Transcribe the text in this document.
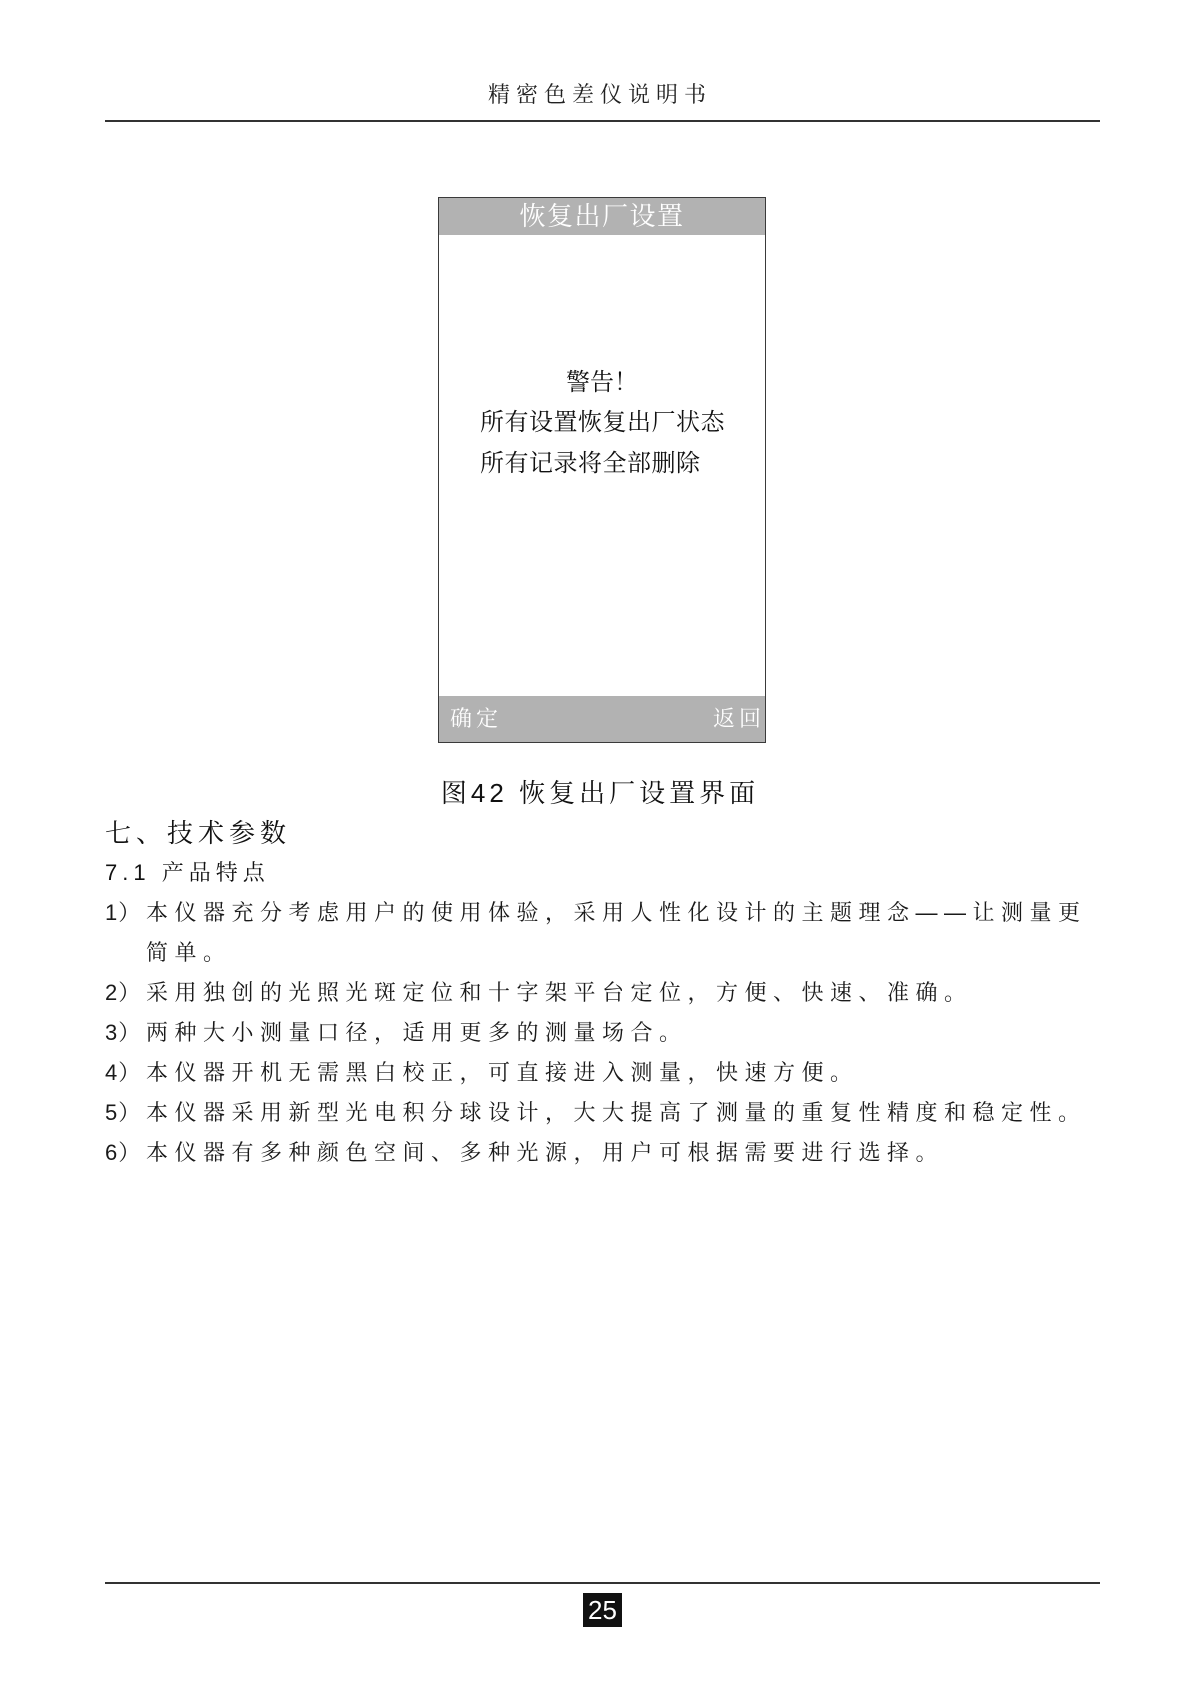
精密色差仪说明书
恢复出厂设置
警告！
所有设置恢复出厂状态
所有记录将全部删除
确定	返回
图42 恢复出厂设置界面
七、技术参数
7.1 产品特点
1） 本仪器充分考虑用户的使用体验，采用人性化设计的主题理念——让测量更简单。
2） 采用独创的光照光斑定位和十字架平台定位，方便、快速、准确。
3） 两种大小测量口径，适用更多的测量场合。
4） 本仪器开机无需黑白校正，可直接进入测量，快速方便。
5） 本仪器采用新型光电积分球设计，大大提高了测量的重复性精度和稳定性。
6） 本仪器有多种颜色空间、多种光源，用户可根据需要进行选择。
25
